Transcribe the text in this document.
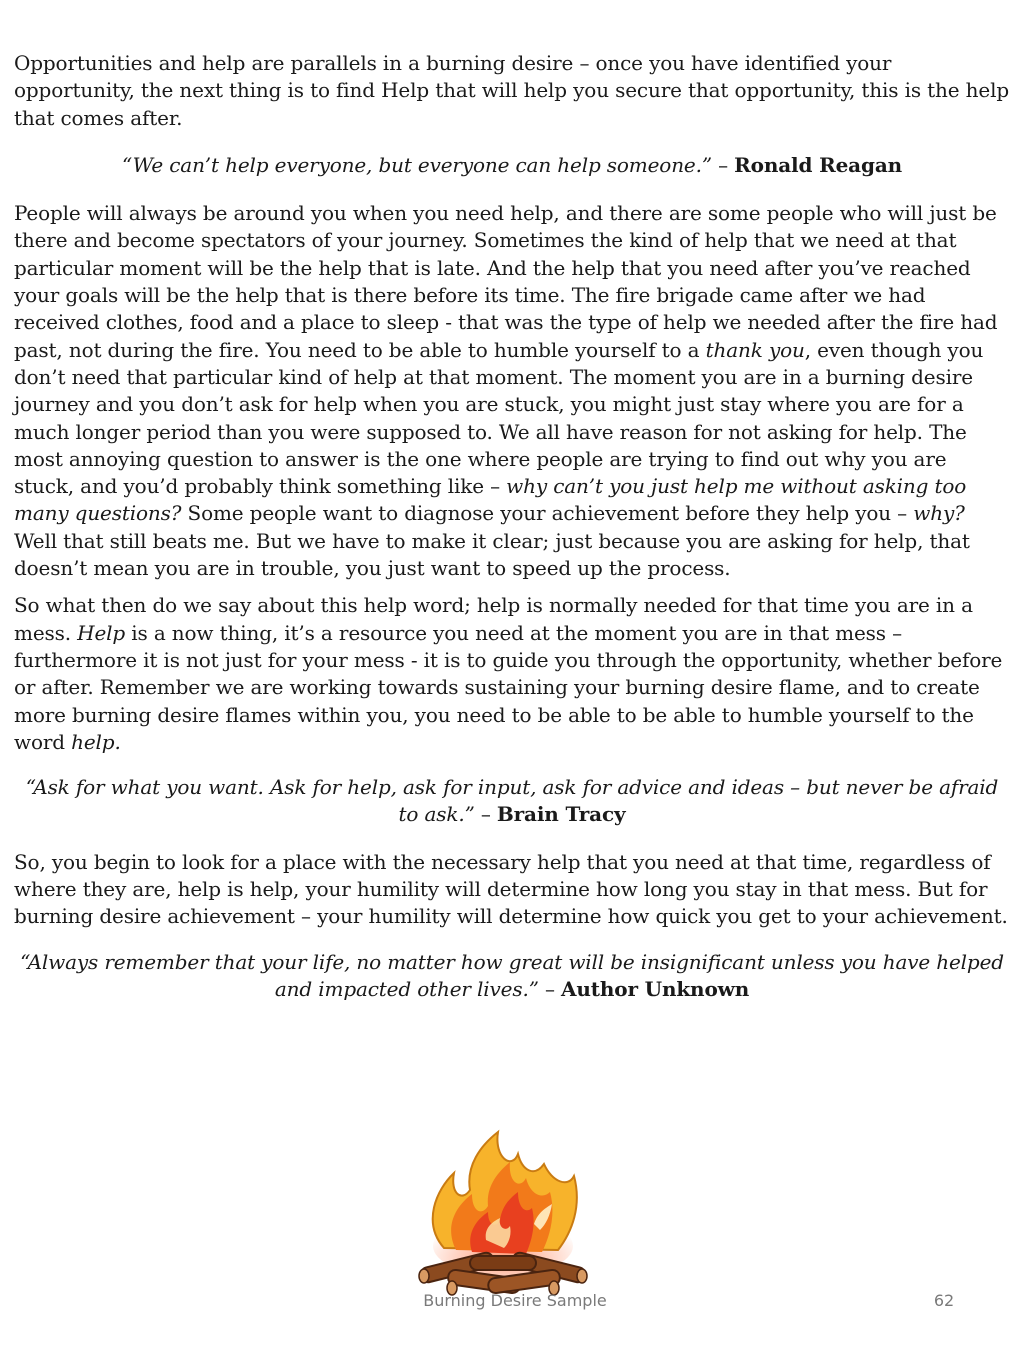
Opportunities and help are parallels in a burning desire – once you have identified your opportunity, the next thing is to find Help that will help you secure that opportunity, this is the help that comes after.

“We can’t help everyone, but everyone can help someone.” – Ronald Reagan

People will always be around you when you need help, and there are some people who will just be there and become spectators of your journey. Sometimes the kind of help that we need at that particular moment will be the help that is late. And the help that you need after you’ve reached your goals will be the help that is there before its time. The fire brigade came after we had received clothes, food and a place to sleep - that was the type of help we needed after the fire had past, not during the fire. You need to be able to humble yourself to a thank you, even though you don’t need that particular kind of help at that moment. The moment you are in a burning desire journey and you don’t ask for help when you are stuck, you might just stay where you are for a much longer period than you were supposed to. We all have reason for not asking for help. The most annoying question to answer is the one where people are trying to find out why you are stuck, and you’d probably think something like – why can’t you just help me without asking too many questions? Some people want to diagnose your achievement before they help you – why? Well that still beats me. But we have to make it clear; just because you are asking for help, that doesn’t mean you are in trouble, you just want to speed up the process.

So what then do we say about this help word; help is normally needed for that time you are in a mess. Help is a now thing, it’s a resource you need at the moment you are in that mess – furthermore it is not just for your mess - it is to guide you through the opportunity, whether before or after. Remember we are working towards sustaining your burning desire flame, and to create more burning desire flames within you, you need to be able to be able to humble yourself to the word help.

“Ask for what you want. Ask for help, ask for input, ask for advice and ideas – but never be afraid to ask.” – Brain Tracy

So, you begin to look for a place with the necessary help that you need at that time, regardless of where they are, help is help, your humility will determine how long you stay in that mess. But for burning desire achievement – your humility will determine how quick you get to your achievement.

“Always remember that your life, no matter how great will be insignificant unless you have helped and impacted other lives.” – Author Unknown

Burning Desire Sample	62
